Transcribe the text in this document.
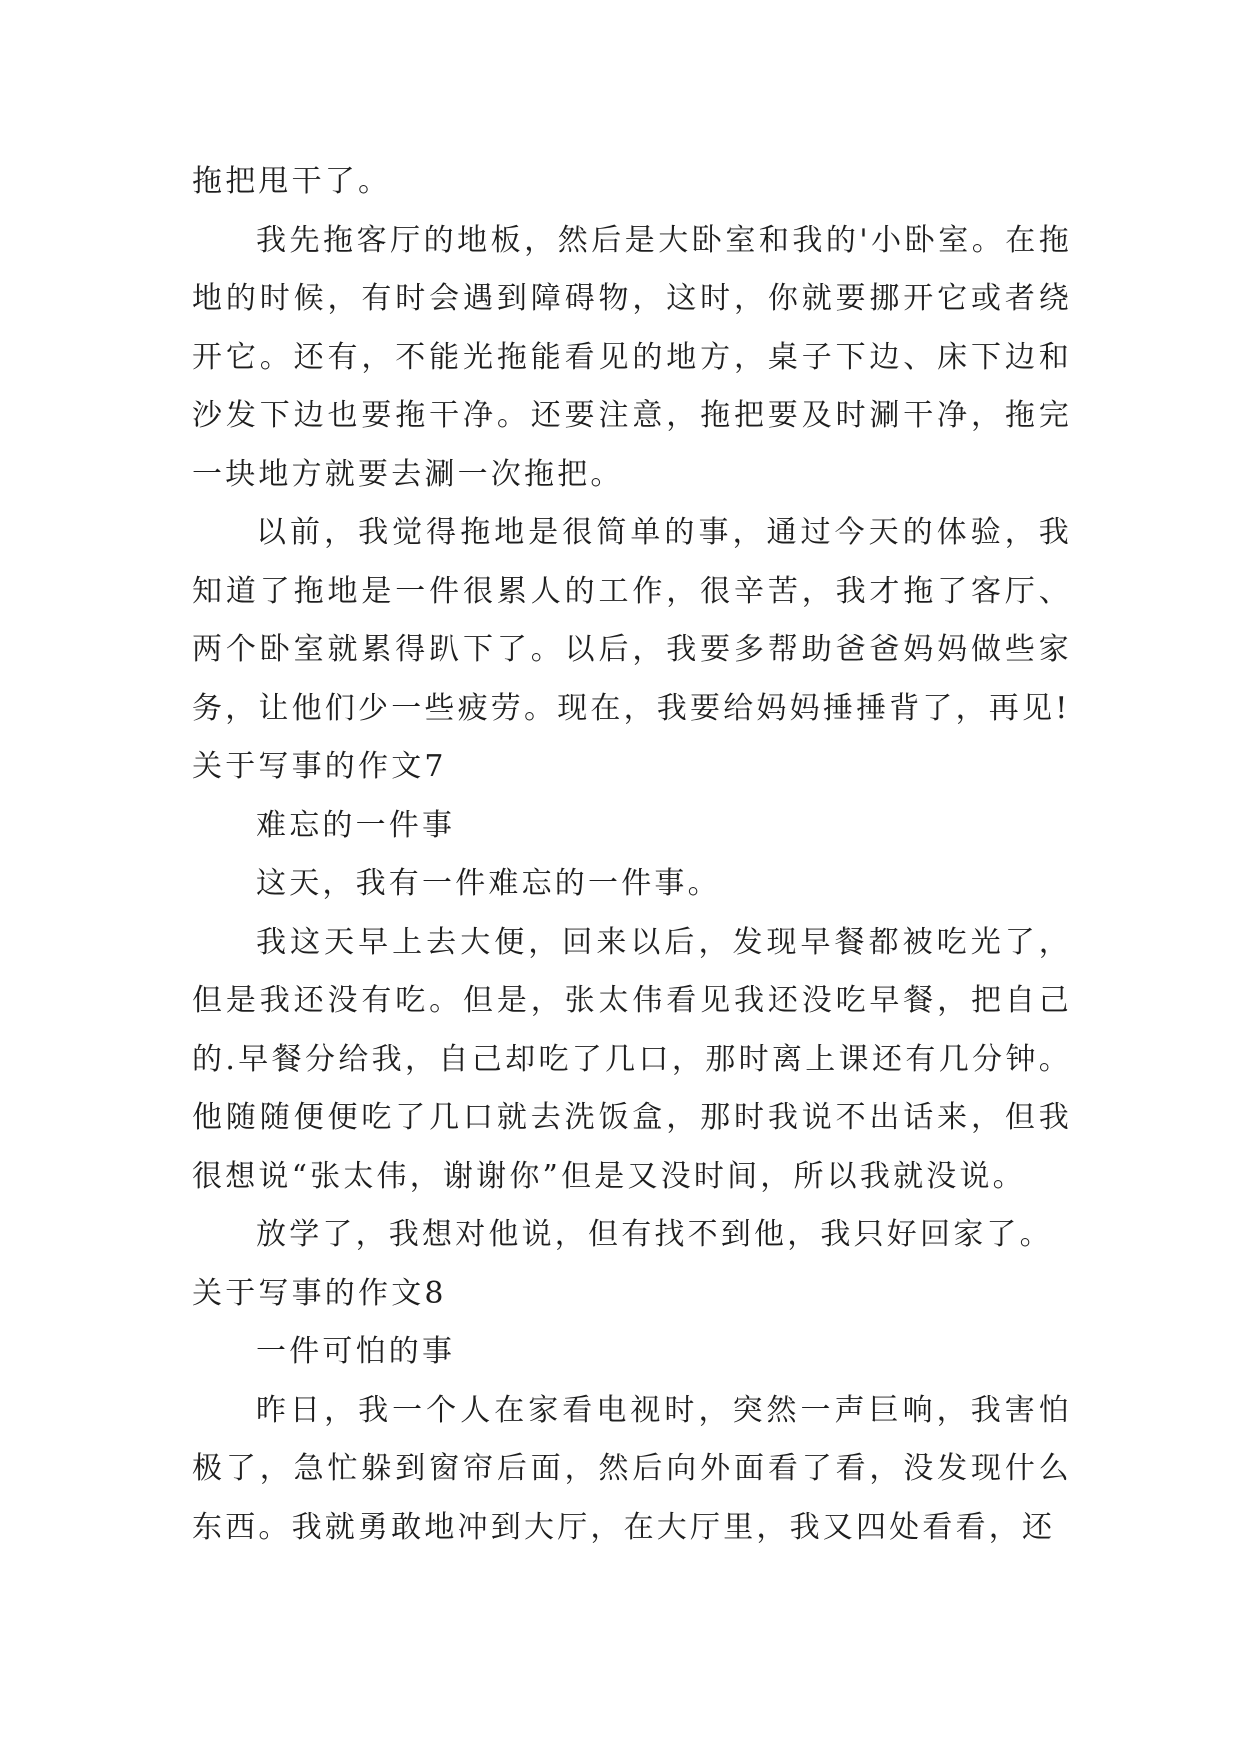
拖把甩干了。

我先拖客厅的地板，然后是大卧室和我的'小卧室。在拖地的时候，有时会遇到障碍物，这时，你就要挪开它或者绕开它。还有，不能光拖能看见的地方，桌子下边、床下边和沙发下边也要拖干净。还要注意，拖把要及时涮干净，拖完一块地方就要去涮一次拖把。

以前，我觉得拖地是很简单的事，通过今天的体验，我知道了拖地是一件很累人的工作，很辛苦，我才拖了客厅、两个卧室就累得趴下了。以后，我要多帮助爸爸妈妈做些家务，让他们少一些疲劳。现在，我要给妈妈捶捶背了，再见!

关于写事的作文7

难忘的一件事

这天，我有一件难忘的一件事。

我这天早上去大便，回来以后，发现早餐都被吃光了，但是我还没有吃。但是，张太伟看见我还没吃早餐，把自己的.早餐分给我，自己却吃了几口，那时离上课还有几分钟。他随随便便吃了几口就去洗饭盒，那时我说不出话来，但我很想说“张太伟，谢谢你”但是又没时间，所以我就没说。

放学了，我想对他说，但有找不到他，我只好回家了。

关于写事的作文8

一件可怕的事

昨日，我一个人在家看电视时，突然一声巨响，我害怕极了，急忙躲到窗帘后面，然后向外面看了看，没发现什么东西。我就勇敢地冲到大厅，在大厅里，我又四处看看，还
